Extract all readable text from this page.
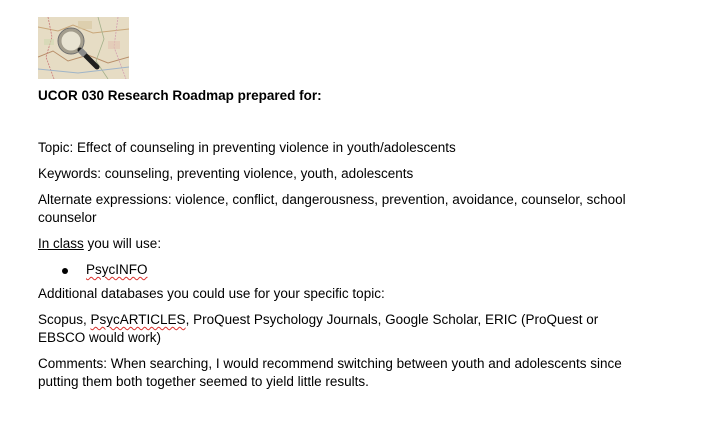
UCOR 030 Research Roadmap prepared for:

Topic: Effect of counseling in preventing violence in youth/adolescents

Keywords: counseling, preventing violence, youth, adolescents

Alternate expressions: violence, conflict, dangerousness, prevention, avoidance, counselor, school counselor

In class you will use:

PsycINFO

Additional databases you could use for your specific topic:

Scopus, PsycARTICLES, ProQuest Psychology Journals, Google Scholar, ERIC (ProQuest or EBSCO would work)

Comments: When searching, I would recommend switching between youth and adolescents since putting them both together seemed to yield little results.
